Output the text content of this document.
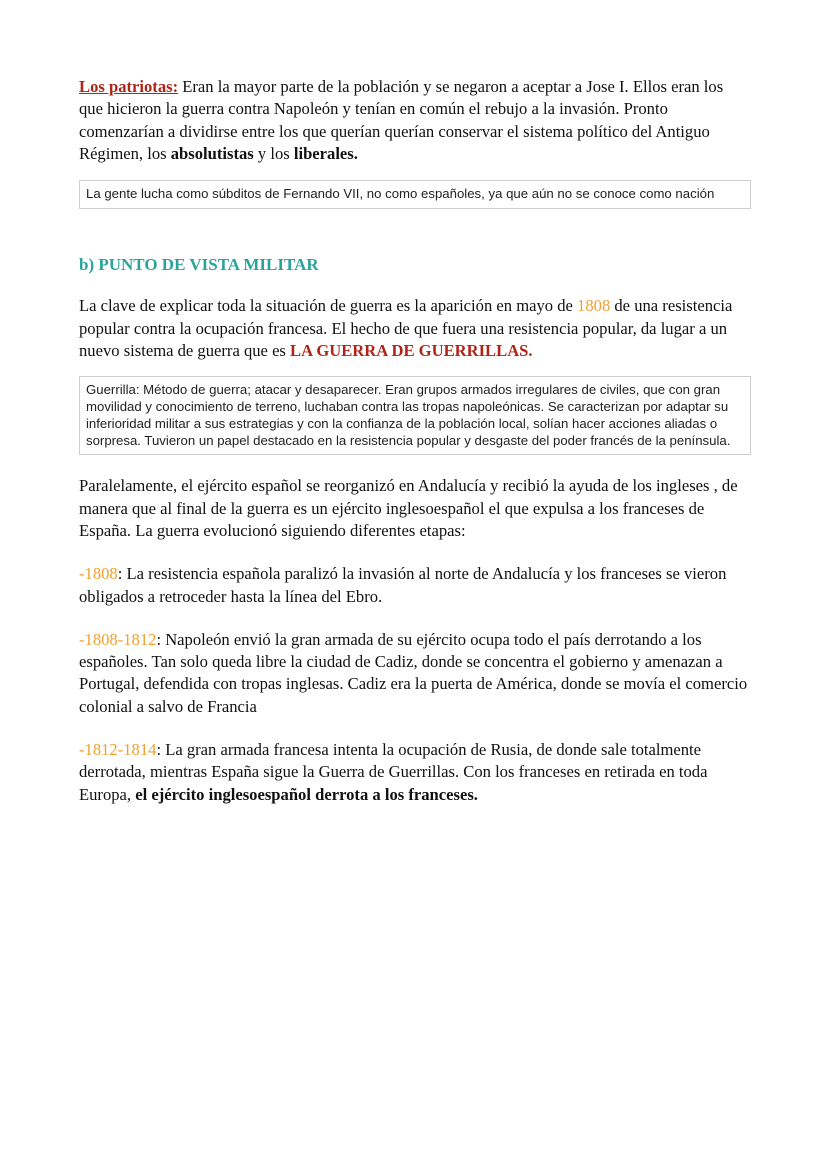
Los patriotas: Eran la mayor parte de la población y se negaron a aceptar a Jose I. Ellos eran los que hicieron la guerra contra Napoleón y tenían en común el rebujo a la invasión. Pronto comenzarían a dividirse entre los que querían querían conservar el sistema político del Antiguo Régimen, los absolutistas y los liberales.

La gente lucha como súbditos de Fernando VII, no como españoles, ya que aún no se conoce como nación

b) PUNTO DE VISTA MILITAR

La clave de explicar toda la situación de guerra es la aparición en mayo de 1808 de una resistencia popular contra la ocupación francesa. El hecho de que fuera una resistencia popular, da lugar a un nuevo sistema de guerra que es LA GUERRA DE GUERRILLAS.

Guerrilla: Método de guerra; atacar y desaparecer. Eran grupos armados irregulares de civiles, que con gran movilidad y conocimiento de terreno, luchaban contra las tropas napoleónicas. Se caracterizan por adaptar su inferioridad militar a sus estrategias y con la confianza de la población local, solían hacer acciones aliadas o sorpresa. Tuvieron un papel destacado en la resistencia popular y desgaste del poder francés de la península.

Paralelamente, el ejército español se reorganizó en Andalucía y recibió la ayuda de los ingleses , de manera que al final de la guerra es un ejército inglesoespañol el que expulsa a los franceses de España. La guerra evolucionó siguiendo diferentes etapas:

-1808: La resistencia española paralizó la invasión al norte de Andalucía y los franceses se vieron obligados a retroceder hasta la línea del Ebro.

-1808-1812: Napoleón envió la gran armada de su ejército ocupa todo el país derrotando a los españoles. Tan solo queda libre la ciudad de Cadiz, donde se concentra el gobierno y amenazan a Portugal, defendida con tropas inglesas. Cadiz era la puerta de América, donde se movía el comercio colonial a salvo de Francia

-1812-1814: La gran armada francesa intenta la ocupación de Rusia, de donde sale totalmente derrotada, mientras España sigue la Guerra de Guerrillas. Con los franceses en retirada en toda Europa, el ejército inglesoespañol derrota a los franceses.
